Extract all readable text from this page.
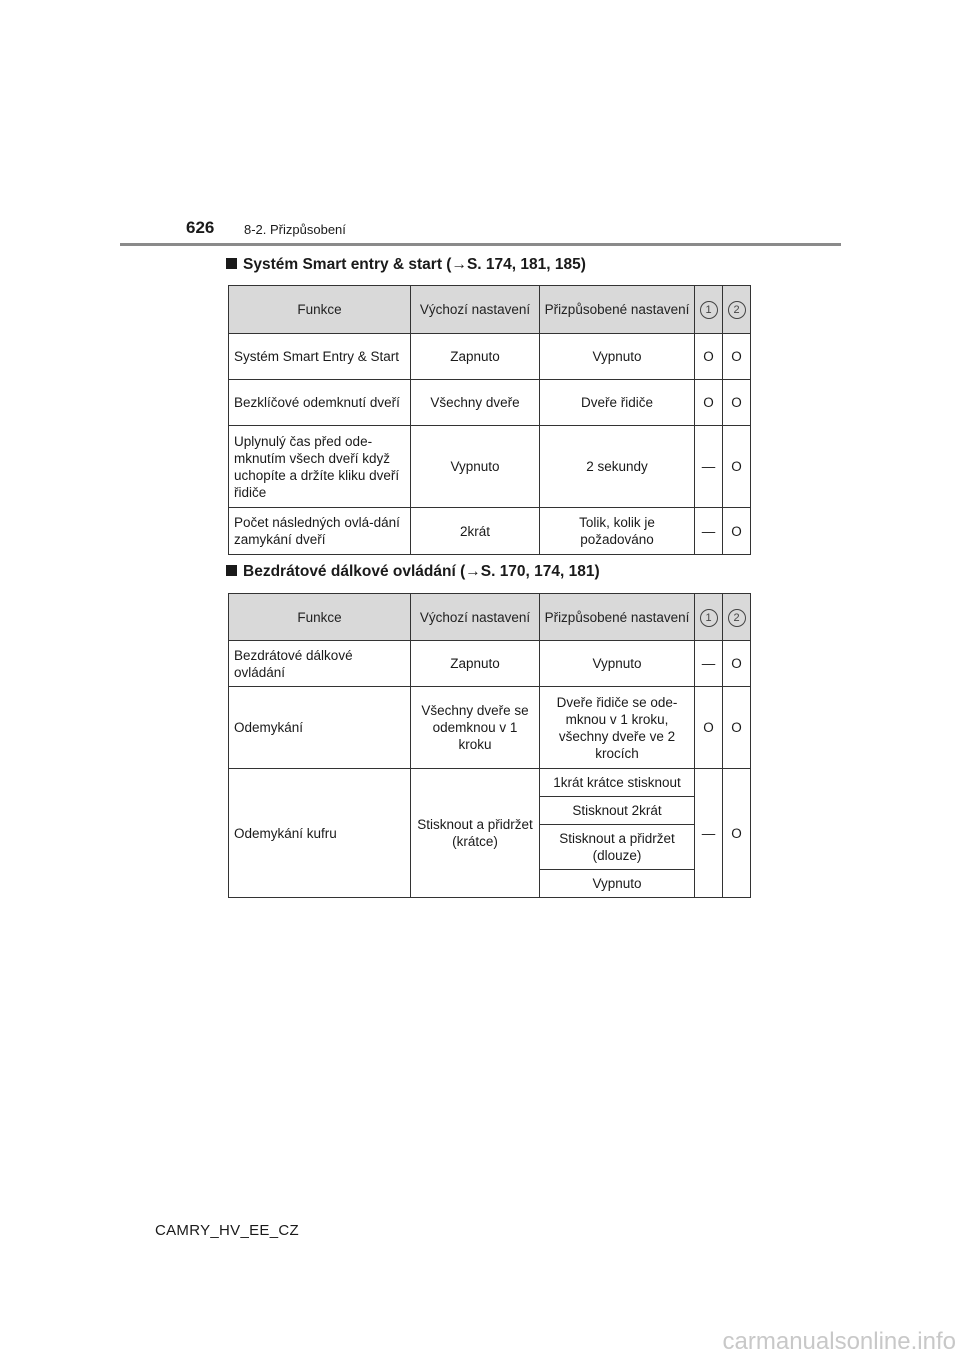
626 8-2. Přizpůsobení
Systém Smart entry & start (→S. 174, 181, 185)
Funkce	Výchozí nastavení	Přizpůsobené nastavení	1	2
Systém Smart Entry & Start	Zapnuto	Vypnuto	O	O
Bezklíčové odemknutí dveří	Všechny dveře	Dveře řidiče	O	O
Uplynulý čas před ode-mknutím všech dveří když uchopíte a držíte kliku dveří řidiče	Vypnuto	2 sekundy	—	O
Počet následných ovlá-dání zamykání dveří	2krát	Tolik, kolik je požadováno	—	O
Bezdrátové dálkové ovládání (→S. 170, 174, 181)
Funkce	Výchozí nastavení	Přizpůsobené nastavení	1	2
Bezdrátové dálkové ovládání	Zapnuto	Vypnuto	—	O
Odemykání	Všechny dveře se odemknou v 1 kroku	Dveře řidiče se ode-mknou v 1 kroku, všechny dveře ve 2 krocích	O	O
Odemykání kufru	Stisknout a přidržet (krátce)	1krát krátce stisknout	—	O
		Stisknout 2krát		
		Stisknout a přidržet (dlouze)		
		Vypnuto		
CAMRY_HV_EE_CZ
carmanualsonline.info
